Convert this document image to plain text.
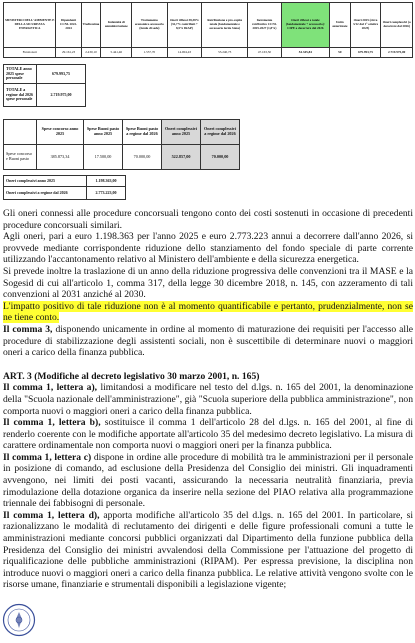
MINISTERO DELL'AMBIENTE E DELLA SICUREZZA ENERGETICA	Dipendenti CCNL 2022-2024	Tredicesima	Indennità di amministrazione	Trattamento economico accessorio (fondo di sede)	Oneri riflessi 38,38% (32,7% contributi + 8,5% IRAP)	Retribuzione e pro-capite totale (fondamentale e accessorio lordo Stato)	Incremento retributivo CCNL 2025-2027 (1,8%)	Oneri riflessi e totale (fondamentale + accessorio): CIPE a decorrere dal 2026	Unità autorizzate	Oneri 2025 (circa 3/12 dal 1° ottobre 2025)	Oneri complessivi (a decorrere dal 2026)
Funzionari	29.161,23	2.430,10	5.441,46	1.557,70	14.004,43	53.240,73	47.163,50	54.345,84	50	679.993,75	2.719.975,00
TOTALE anno 2025 spese personale	679.993,75
TOTALE a regime dal 2026 spese personale	2.719.975,00
	Spese concorso anno 2025	Spese Buoni pasto anno 2025	Spese Buoni pasto a regime dal 2026	Oneri complessivi anno 2025	Oneri complessivi a regime dal 2026
Spese concorso e Buoni pasto	385.873,34	17.500,00	70.000,00	522.857,00	70.000,00
Oneri complessivi anno 2025	1.198.363,00
Oneri complessivi a regime dal 2026	2.773.223,00

Gli oneri connessi alle procedure concorsuali tengono conto dei costi sostenuti in occasione di precedenti procedure concorsuali similari.

Agli oneri, pari a euro 1.198.363 per l'anno 2025 e euro 2.773.223 annui a decorrere dall'anno 2026, si provvede mediante corrispondente riduzione dello stanziamento del fondo speciale di parte corrente utilizzando l'accantonamento relativo al Ministero dell'ambiente e della sicurezza energetica.

Si prevede inoltre la traslazione di un anno della riduzione progressiva delle convenzioni tra il MASE e la Sogesid di cui all'articolo 1, comma 317, della legge 30 dicembre 2018, n. 145, con azzeramento di tali convenzioni al 2031 anziché al 2030.

L'impatto positivo di tale riduzione non è al momento quantificabile e pertanto, prudenzialmente, non se ne tiene conto.

Il comma 3, disponendo unicamente in ordine al momento di maturazione dei requisiti per l'accesso alle procedure di stabilizzazione degli assistenti sociali, non è suscettibile di determinare nuovi o maggiori oneri a carico della finanza pubblica.

ART. 3 (Modifiche al decreto legislativo 30 marzo 2001, n. 165)

Il comma 1, lettera a), limitandosi a modificare nel testo del d.lgs. n. 165 del 2001, la denominazione della "Scuola nazionale dell'amministrazione", già "Scuola superiore della pubblica amministrazione", non comporta nuovi o maggiori oneri a carico della finanza pubblica.

Il comma 1, lettera b), sostituisce il comma 1 dell'articolo 28 del d.lgs. n. 165 del 2001, al fine di renderlo coerente con le modifiche apportate all'articolo 35 del medesimo decreto legislativo. La misura di carattere ordinamentale non comporta nuovi o maggiori oneri per la finanza pubblica.

Il comma 1, lettera c) dispone in ordine alle procedure di mobilità tra le amministrazioni per il personale in posizione di comando, ad esclusione della Presidenza del Consiglio dei ministri. Gli inquadramenti avvengono, nei limiti dei posti vacanti, assicurando la necessaria neutralità finanziaria, previa rimodulazione della dotazione organica da inserire nella sezione del PIAO relativa alla programmazione triennale dei fabbisogni di personale.

Il comma 1, lettera d), apporta modifiche all'articolo 35 del d.lgs. n. 165 del 2001. In particolare, si razionalizzano le modalità di reclutamento dei dirigenti e delle figure professionali comuni a tutte le amministrazioni mediante concorsi pubblici organizzati dal Dipartimento della funzione pubblica della Presidenza del Consiglio dei ministri avvalendosi della Commissione per l'attuazione del progetto di riqualificazione delle pubbliche amministrazioni (RIPAM). Per espressa previsione, la disciplina non introduce nuovi o maggiori oneri a carico della finanza pubblica. Le relative attività vengono svolte con le risorse umane, finanziarie e strumentali disponibili a legislazione vigente;
